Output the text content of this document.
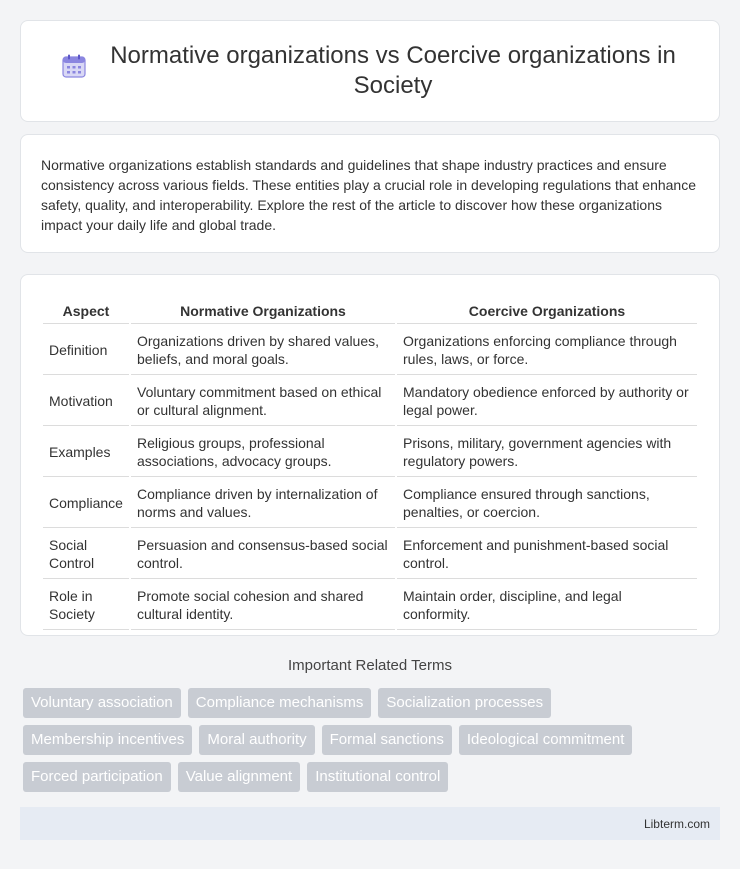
Normative organizations vs Coercive organizations in Society
Normative organizations establish standards and guidelines that shape industry practices and ensure consistency across various fields. These entities play a crucial role in developing regulations that enhance safety, quality, and interoperability. Explore the rest of the article to discover how these organizations impact your daily life and global trade.
Aspect	Normative Organizations	Coercive Organizations
Definition	Organizations driven by shared values, beliefs, and moral goals.	Organizations enforcing compliance through rules, laws, or force.
Motivation	Voluntary commitment based on ethical or cultural alignment.	Mandatory obedience enforced by authority or legal power.
Examples	Religious groups, professional associations, advocacy groups.	Prisons, military, government agencies with regulatory powers.
Compliance	Compliance driven by internalization of norms and values.	Compliance ensured through sanctions, penalties, or coercion.
Social Control	Persuasion and consensus-based social control.	Enforcement and punishment-based social control.
Role in Society	Promote social cohesion and shared cultural identity.	Maintain order, discipline, and legal conformity.
Important Related Terms
Voluntary association	Compliance mechanisms	Socialization processes
Membership incentives	Moral authority	Formal sanctions	Ideological commitment
Forced participation	Value alignment	Institutional control
Libterm.com
